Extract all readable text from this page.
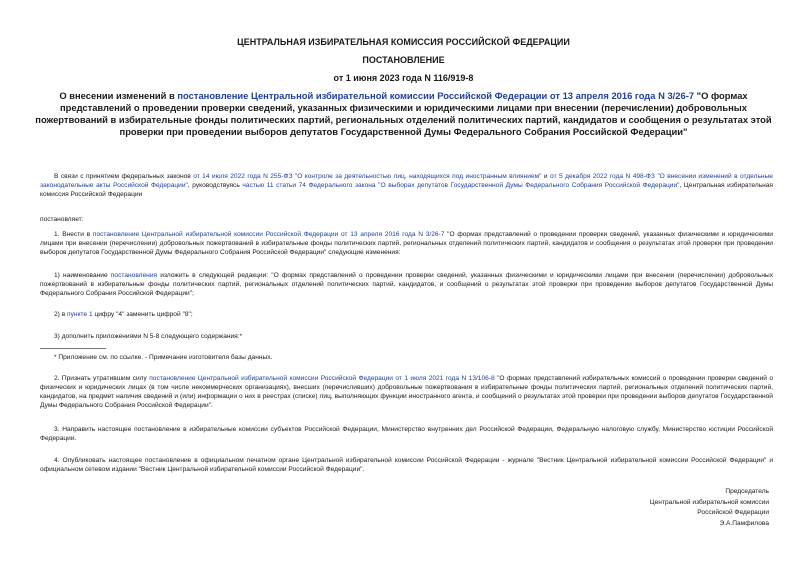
ЦЕНТРАЛЬНАЯ ИЗБИРАТЕЛЬНАЯ КОМИССИЯ РОССИЙСКОЙ ФЕДЕРАЦИИ
ПОСТАНОВЛЕНИЕ
от 1 июня 2023 года N 116/919-8
О внесении изменений в постановление Центральной избирательной комиссии Российской Федерации от 13 апреля 2016 года N 3/26-7 "О формах представлений о проведении проверки сведений, указанных физическими и юридическими лицами при внесении (перечислении) добровольных пожертвований в избирательные фонды политических партий, региональных отделений политических партий, кандидатов и сообщения о результатах этой проверки при проведении выборов депутатов Государственной Думы Федерального Собрания Российской Федерации"
В связи с принятием федеральных законов от 14 июля 2022 года N 255-ФЗ "О контроле за деятельностью лиц, находящихся под иностранным влиянием" и от 5 декабря 2022 года N 498-ФЗ "О внесении изменений в отдельные законодательные акты Российской Федерации", руководствуясь частью 11 статьи 74 Федерального закона "О выборах депутатов Государственной Думы Федерального Собрания Российской Федерации", Центральная избирательная комиссия Российской Федерации
постановляет:
1. Внести в постановление Центральной избирательной комиссии Российской Федерации от 13 апреля 2016 года N 3/26-7 "О формах представлений о проведении проверки сведений, указанных физическими и юридическими лицами при внесении (перечислении) добровольных пожертвований в избирательные фонды политических партий, региональных отделений политических партий, кандидатов и сообщения о результатах этой проверки при проведении выборов депутатов Государственной Думы Федерального Собрания Российской Федерации" следующие изменения:
1) наименование постановления изложить в следующей редакции: "О формах представлений о проведении проверки сведений, указанных физическими и юридическими лицами при внесении (перечислении) добровольных пожертвований в избирательные фонды политических партий, региональных отделений политических партий, кандидатов, и сообщений о результатах этой проверки при проведении выборов депутатов Государственной Думы Федерального Собрания Российской Федерации";
2) в пункте 1 цифру "4" заменить цифрой "8";
3) дополнить приложениями N 5-8 следующего содержания:*
* Приложение см. по ссылке. - Примечание изготовителя базы данных.
2. Признать утратившим силу постановление Центральной избирательной комиссии Российской Федерации от 1 июля 2021 года N 13/106-8 "О формах представлений избирательных комиссий о проведении проверки сведений о физических и юридических лицах (в том числе некоммерческих организациях), внесших (перечисливших) добровольные пожертвования в избирательные фонды политических партий, региональных отделений политических партий, кандидатов, на предмет наличия сведений и (или) информации о них в реестрах (списке) лиц, выполняющих функции иностранного агента, и сообщений о результатах этой проверки при проведении выборов депутатов Государственной Думы Федерального Собрания Российской Федерации".
3. Направить настоящее постановление в избирательные комиссии субъектов Российской Федерации, Министерство внутренних дел Российской Федерации, Федеральную налоговую службу, Министерство юстиции Российской Федерации.
4. Опубликовать настоящее постановление в официальном печатном органе Центральной избирательной комиссии Российской Федерации - журнале "Вестник Центральной избирательной комиссии Российской Федерации" и официальном сетевом издании "Вестник Центральной избирательной комиссии Российской Федерации".
Председатель
Центральной избирательной комиссии
Российской Федерации
Э.А.Памфилова
